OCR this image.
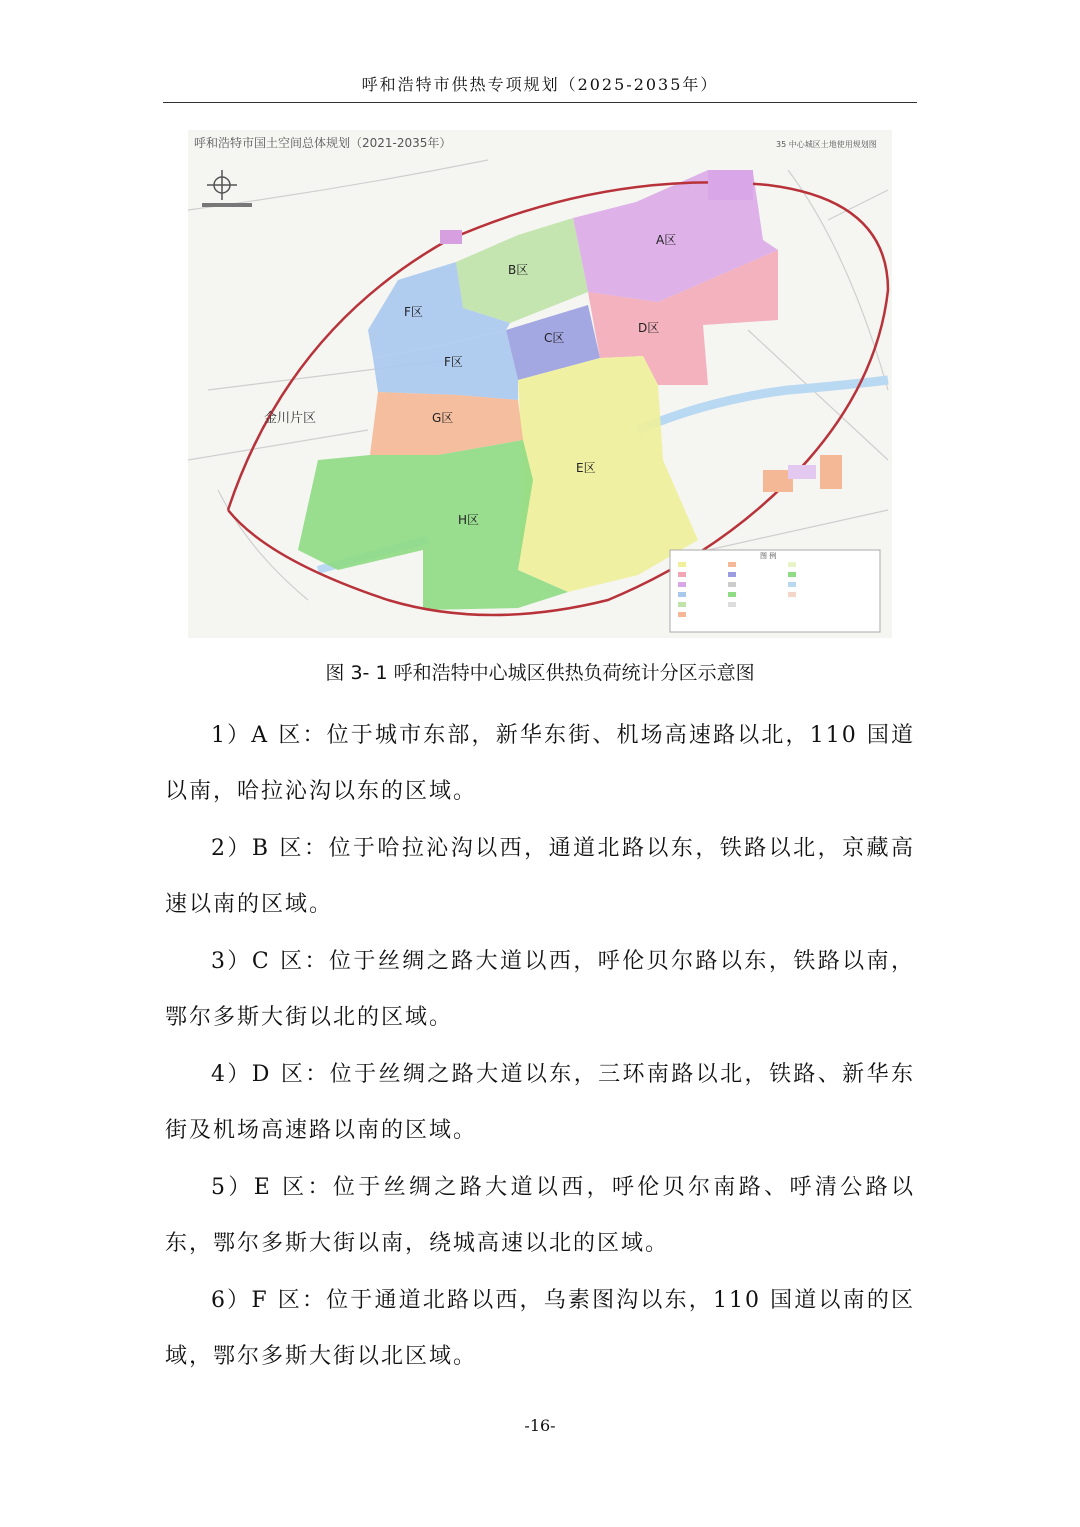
呼和浩特市供热专项规划（2025-2035年）
呼和浩特市国土空间总体规划（2021-2035年）	35 中心城区土地使用规划图
A区
B区
C区
D区
E区
F区
F区
G区
H区
金川片区
图 例
图 3- 1 呼和浩特中心城区供热负荷统计分区示意图

1）A 区：位于城市东部，新华东街、机场高速路以北，110 国道以南，哈拉沁沟以东的区域。

2）B 区：位于哈拉沁沟以西，通道北路以东，铁路以北，京藏高速以南的区域。

3）C 区：位于丝绸之路大道以西，呼伦贝尔路以东，铁路以南，鄂尔多斯大街以北的区域。

4）D 区：位于丝绸之路大道以东，三环南路以北，铁路、新华东街及机场高速路以南的区域。

5）E 区：位于丝绸之路大道以西，呼伦贝尔南路、呼清公路以东，鄂尔多斯大街以南，绕城高速以北的区域。

6）F 区：位于通道北路以西，乌素图沟以东，110 国道以南的区域，鄂尔多斯大街以北区域。

-16-
